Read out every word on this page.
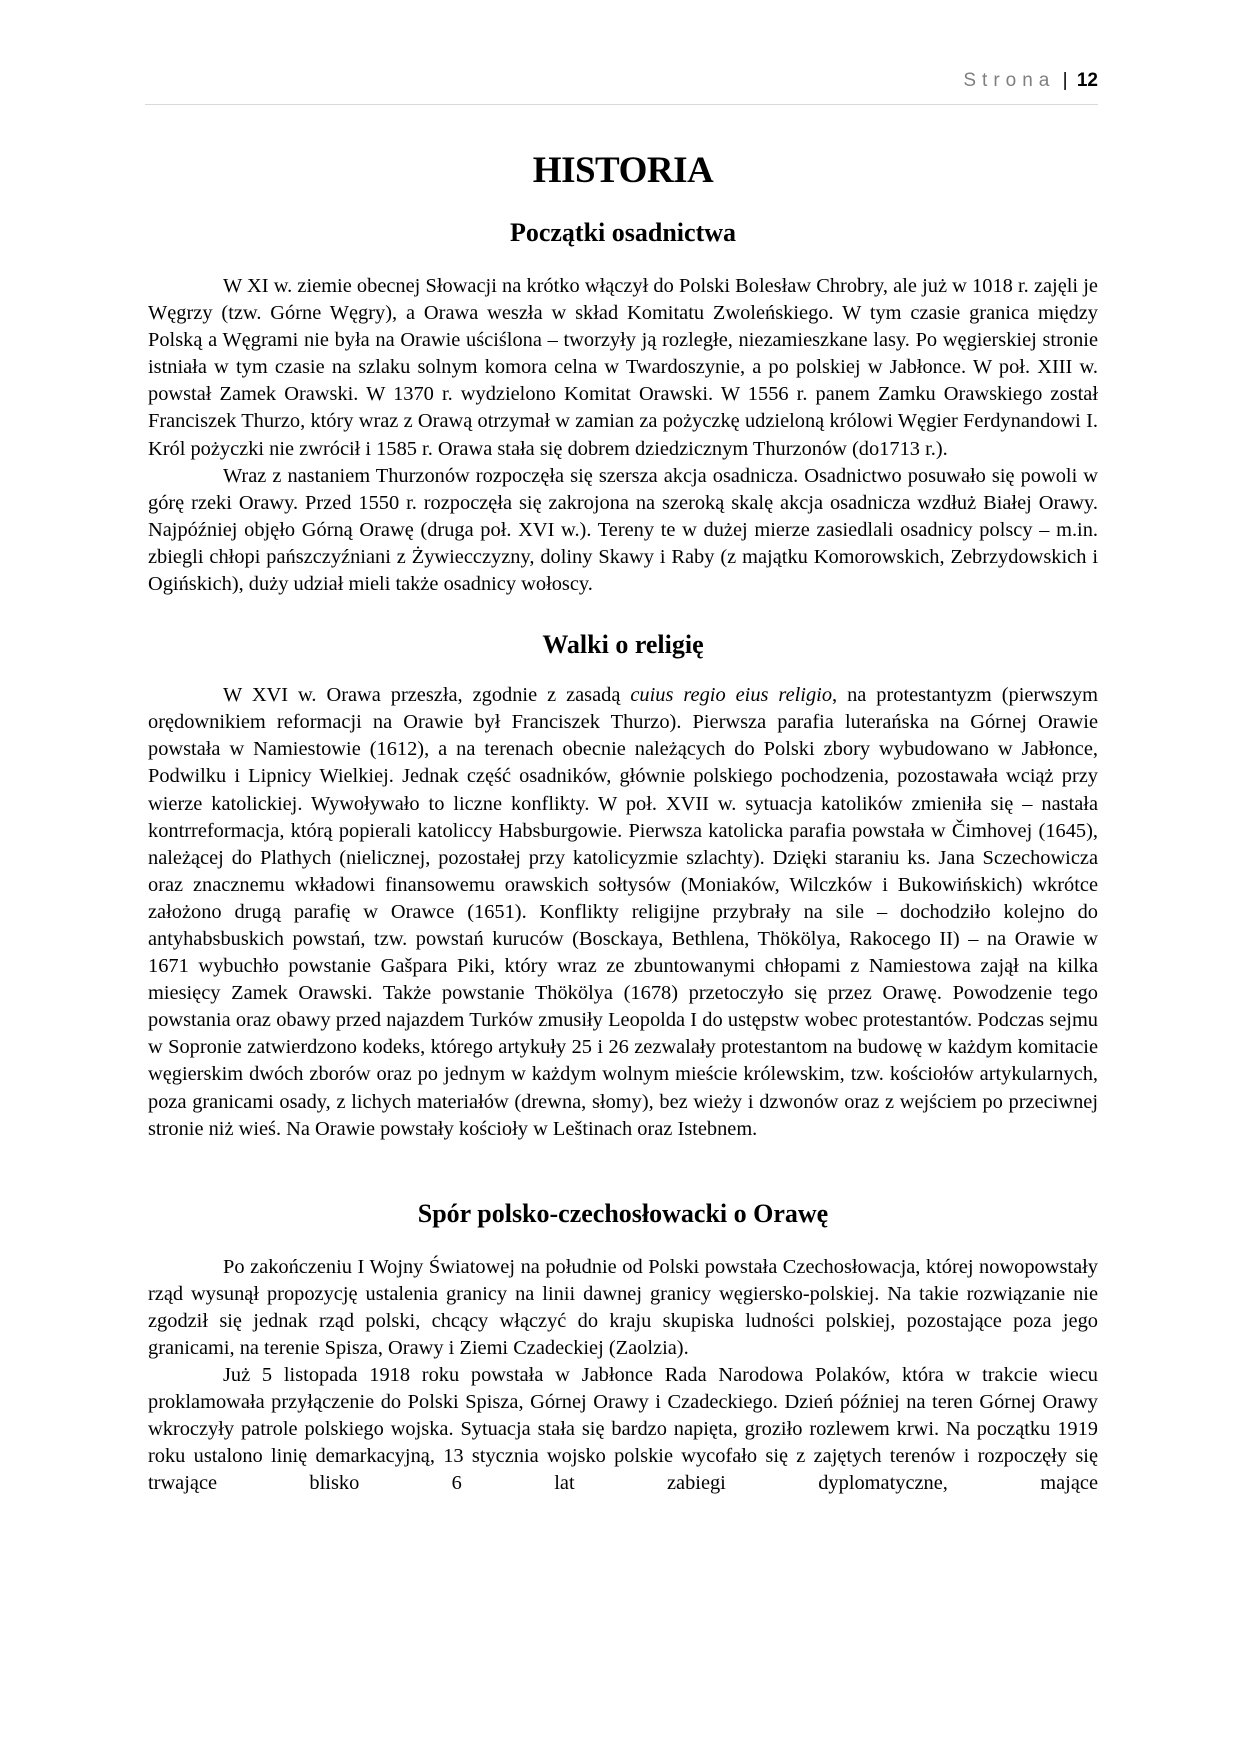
Strona | 12
HISTORIA
Początki osadnictwa

W XI w. ziemie obecnej Słowacji na krótko włączył do Polski Bolesław Chrobry, ale już w 1018 r. zajęli je Węgrzy (tzw. Górne Węgry), a Orawa weszła w skład Komitatu Zwoleńskiego. W tym czasie granica między Polską a Węgrami nie była na Orawie uściślona – tworzyły ją rozległe, niezamieszkane lasy. Po węgierskiej stronie istniała w tym czasie na szlaku solnym komora celna w Twardoszynie, a po polskiej w Jabłonce. W poł. XIII w. powstał Zamek Orawski. W 1370 r. wydzielono Komitat Orawski. W 1556 r. panem Zamku Orawskiego został Franciszek Thurzo, który wraz z Orawą otrzymał w zamian za pożyczkę udzieloną królowi Węgier Ferdynandowi I. Król pożyczki nie zwrócił i 1585 r. Orawa stała się dobrem dziedzicznym Thurzonów (do1713 r.).

Wraz z nastaniem Thurzonów rozpoczęła się szersza akcja osadnicza. Osadnictwo posuwało się powoli w górę rzeki Orawy. Przed 1550 r. rozpoczęła się zakrojona na szeroką skalę akcja osadnicza wzdłuż Białej Orawy. Najpóźniej objęło Górną Orawę (druga poł. XVI w.). Tereny te w dużej mierze zasiedlali osadnicy polscy – m.in. zbiegli chłopi pańszczyźniani z Żywiecczyzny, doliny Skawy i Raby (z majątku Komorowskich, Zebrzydowskich i Ogińskich), duży udział mieli także osadnicy wołoscy.

Walki o religię

W XVI w. Orawa przeszła, zgodnie z zasadą cuius regio eius religio, na protestantyzm (pierwszym orędownikiem reformacji na Orawie był Franciszek Thurzo). Pierwsza parafia luterańska na Górnej Orawie powstała w Namiestowie (1612), a na terenach obecnie należących do Polski zbory wybudowano w Jabłonce, Podwilku i Lipnicy Wielkiej. Jednak część osadników, głównie polskiego pochodzenia, pozostawała wciąż przy wierze katolickiej. Wywoływało to liczne konflikty. W poł. XVII w. sytuacja katolików zmieniła się – nastała kontrreformacja, którą popierali katoliccy Habsburgowie. Pierwsza katolicka parafia powstała w Čimhovej (1645), należącej do Plathych (nielicznej, pozostałej przy katolicyzmie szlachty). Dzięki staraniu ks. Jana Sczechowicza oraz znacznemu wkładowi finansowemu orawskich sołtysów (Moniaków, Wilczków i Bukowińskich) wkrótce założono drugą parafię w Orawce (1651). Konflikty religijne przybrały na sile – dochodziło kolejno do antyhabsbuskich powstań, tzw. powstań kuruców (Bosckaya, Bethlena, Thökölya, Rakocego II) – na Orawie w 1671 wybuchło powstanie Gašpara Piki, który wraz ze zbuntowanymi chłopami z Namiestowa zajął na kilka miesięcy Zamek Orawski. Także powstanie Thökölya (1678) przetoczyło się przez Orawę. Powodzenie tego powstania oraz obawy przed najazdem Turków zmusiły Leopolda I do ustępstw wobec protestantów. Podczas sejmu w Sopronie zatwierdzono kodeks, którego artykuły 25 i 26 zezwalały protestantom na budowę w każdym komitacie węgierskim dwóch zborów oraz po jednym w każdym wolnym mieście królewskim, tzw. kościołów artykularnych, poza granicami osady, z lichych materiałów (drewna, słomy), bez wieży i dzwonów oraz z wejściem po przeciwnej stronie niż wieś. Na Orawie powstały kościoły w Leštinach oraz Istebnem.

Spór polsko-czechosłowacki o Orawę

Po zakończeniu I Wojny Światowej na południe od Polski powstała Czechosłowacja, której nowopowstały rząd wysunął propozycję ustalenia granicy na linii dawnej granicy węgiersko-polskiej. Na takie rozwiązanie nie zgodził się jednak rząd polski, chcący włączyć do kraju skupiska ludności polskiej, pozostające poza jego granicami, na terenie Spisza, Orawy i Ziemi Czadeckiej (Zaolzia).

Już 5 listopada 1918 roku powstała w Jabłonce Rada Narodowa Polaków, która w trakcie wiecu proklamowała przyłączenie do Polski Spisza, Górnej Orawy i Czadeckiego. Dzień później na teren Górnej Orawy wkroczyły patrole polskiego wojska. Sytuacja stała się bardzo napięta, groziło rozlewem krwi. Na początku 1919 roku ustalono linię demarkacyjną, 13 stycznia wojsko polskie wycofało się z zajętych terenów i rozpoczęły się trwające blisko 6 lat zabiegi dyplomatyczne, mające
